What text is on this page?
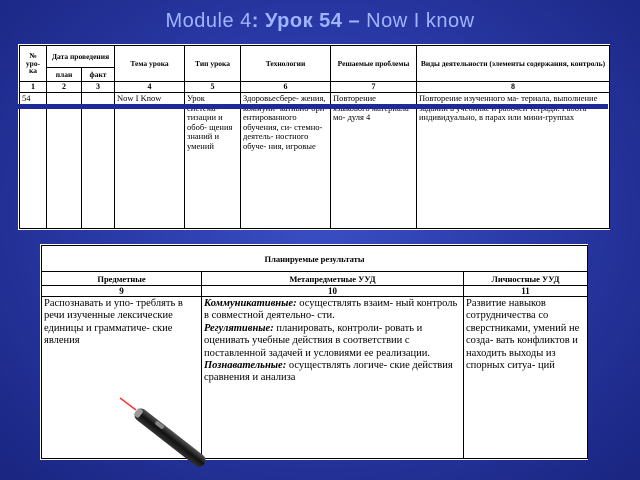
Module 4: Урок 54 – Now I know
№ уро- ка	Дата проведения		Тема урока	Тип урока	Технологии	Решаемые проблемы	Виды деятельности (элементы содержания, контроль)
	план	факт					
1	2	3	4	5	6	7	8
54			Now I Know	Урок тизации и обоб- щения знаний и умений	Здоровьесбере- жения, ентированного обучения, си- стемно-деятель- ностного обуче- ния, игровые	Повторение мо- дуля 4	Повторение изученного ма- териала, выполнение индивидуально, в парах или мини-группах
Планируемые результаты		
Предметные	Метапредметные УУД	Личностные УУД
9	10	11
Распознавать и упо- треблять в речи изученные лексические единицы и грамматиче- ские явления	Коммуникативные: осуществлять взаим- ный контроль в совместной деятельно- сти.
Регулятивные: планировать, контроли- ровать и оценивать учебные действия в соответствии с поставленной задачей и условиями ее реализации.
Познавательные: осуществлять логиче- ские действия сравнения и анализа	Развитие навыков сотрудничества со сверстниками, умений не созда- вать конфликтов и находить выходы из спорных ситуа- ций
